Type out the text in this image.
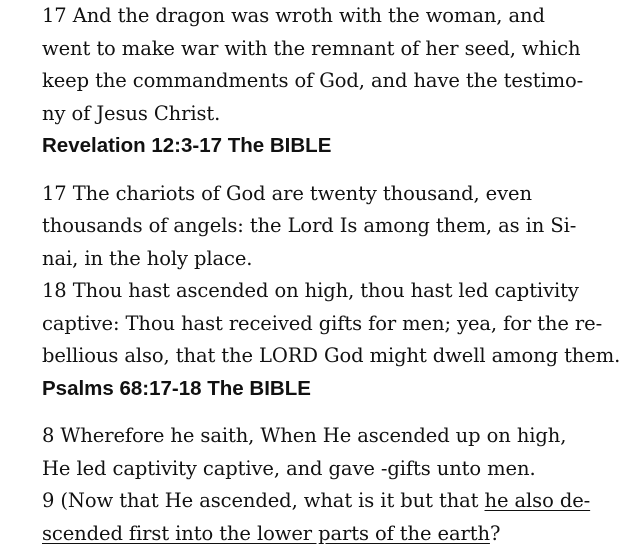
17 And the dragon was wroth with the woman, and
went to make war with the remnant of her seed, which
keep the commandments of God, and have the testimo-
ny of Jesus Christ.
Revelation 12:3-17 The BIBLE
17 The chariots of God are twenty thousand, even
thousands of angels: the Lord Is among them, as in Si-
nai, in the holy place.
18 Thou hast ascended on high, thou hast led captivity
captive: Thou hast received gifts for men; yea, for the re-
bellious also, that the LORD God might dwell among them.
Psalms 68:17-18 The BIBLE
8 Wherefore he saith, When He ascended up on high,
He led captivity captive, and gave -gifts unto men.
9 (Now that He ascended, what is it but that he also de-
scended first into the lower parts of the earth?
